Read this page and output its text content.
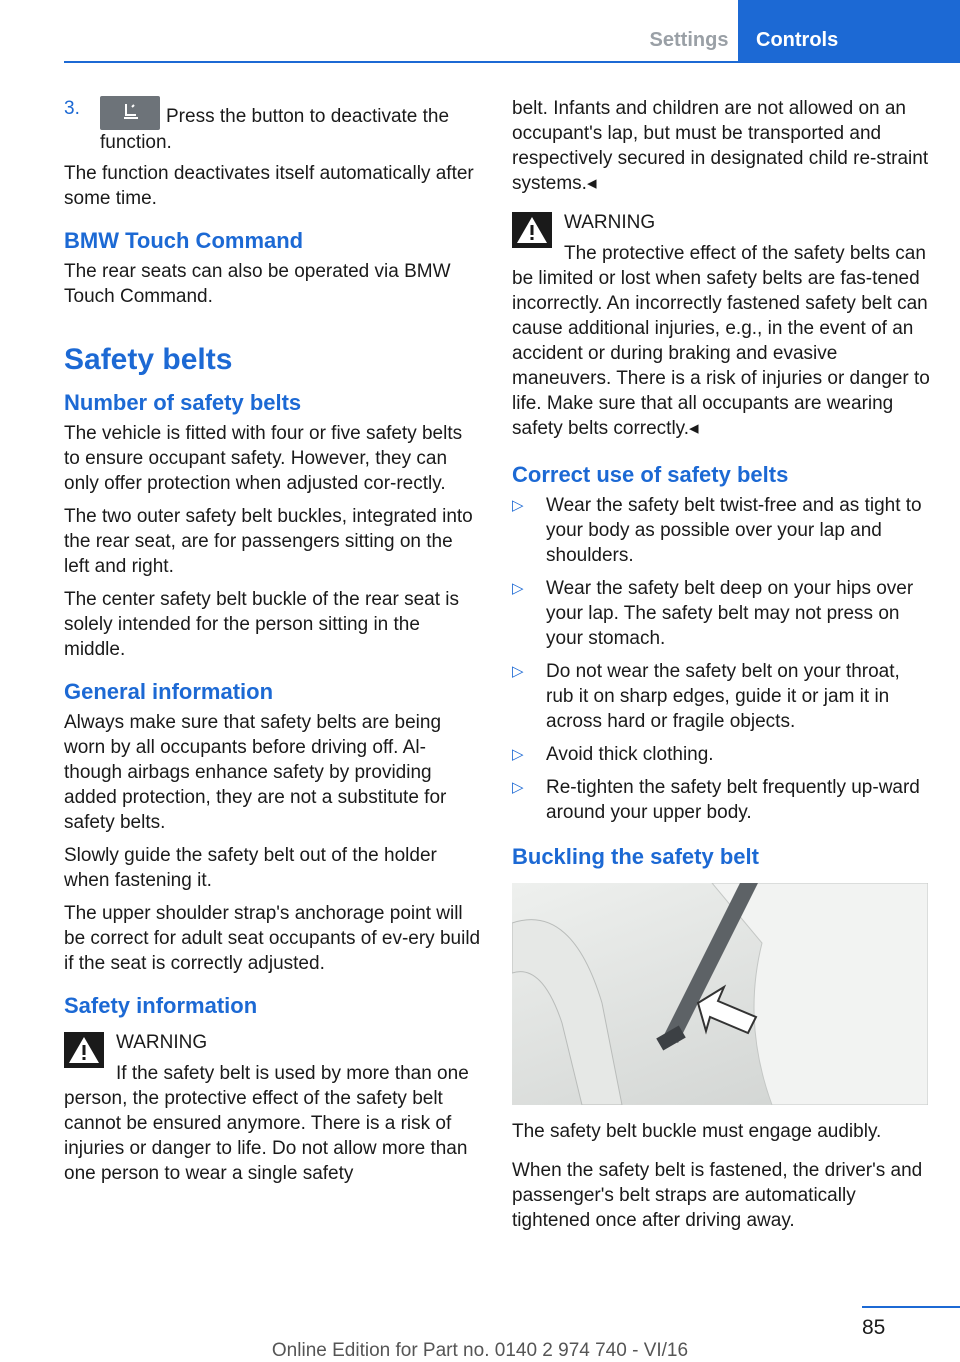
Settings	Controls
3.	Press the button to deactivate the function.

The function deactivates itself automatically after some time.

BMW Touch Command

The rear seats can also be operated via BMW Touch Command.

Safety belts
Number of safety belts

The vehicle is fitted with four or five safety belts to ensure occupant safety. However, they can only offer protection when adjusted cor-rectly.

The two outer safety belt buckles, integrated into the rear seat, are for passengers sitting on the left and right.

The center safety belt buckle of the rear seat is solely intended for the person sitting in the middle.

General information

Always make sure that safety belts are being worn by all occupants before driving off. Al-though airbags enhance safety by providing added protection, they are not a substitute for safety belts.

Slowly guide the safety belt out of the holder when fastening it.

The upper shoulder strap's anchorage point will be correct for adult seat occupants of ev-ery build if the seat is correctly adjusted.

Safety information
WARNING
If the safety belt is used by more than one person, the protective effect of the safety belt cannot be ensured anymore. There is a risk of injuries or danger to life. Do not allow more than one person to wear a single safety

belt. Infants and children are not allowed on an occupant's lap, but must be transported and respectively secured in designated child re-straint systems.◂

WARNING
The protective effect of the safety belts can be limited or lost when safety belts are fas-tened incorrectly. An incorrectly fastened safety belt can cause additional injuries, e.g., in the event of an accident or during braking and evasive maneuvers. There is a risk of injuries or danger to life. Make sure that all occupants are wearing safety belts correctly.◂
Correct use of safety belts
▷ Wear the safety belt twist-free and as tight to your body as possible over your lap and shoulders.
▷ Wear the safety belt deep on your hips over your lap. The safety belt may not press on your stomach.
▷ Do not wear the safety belt on your throat, rub it on sharp edges, guide it or jam it in across hard or fragile objects.
▷ Avoid thick clothing.
▷ Re-tighten the safety belt frequently up-ward around your upper body.
Buckling the safety belt

The safety belt buckle must engage audibly.

When the safety belt is fastened, the driver's and passenger's belt straps are automatically tightened once after driving away.

85
Online Edition for Part no. 0140 2 974 740 - VI/16
